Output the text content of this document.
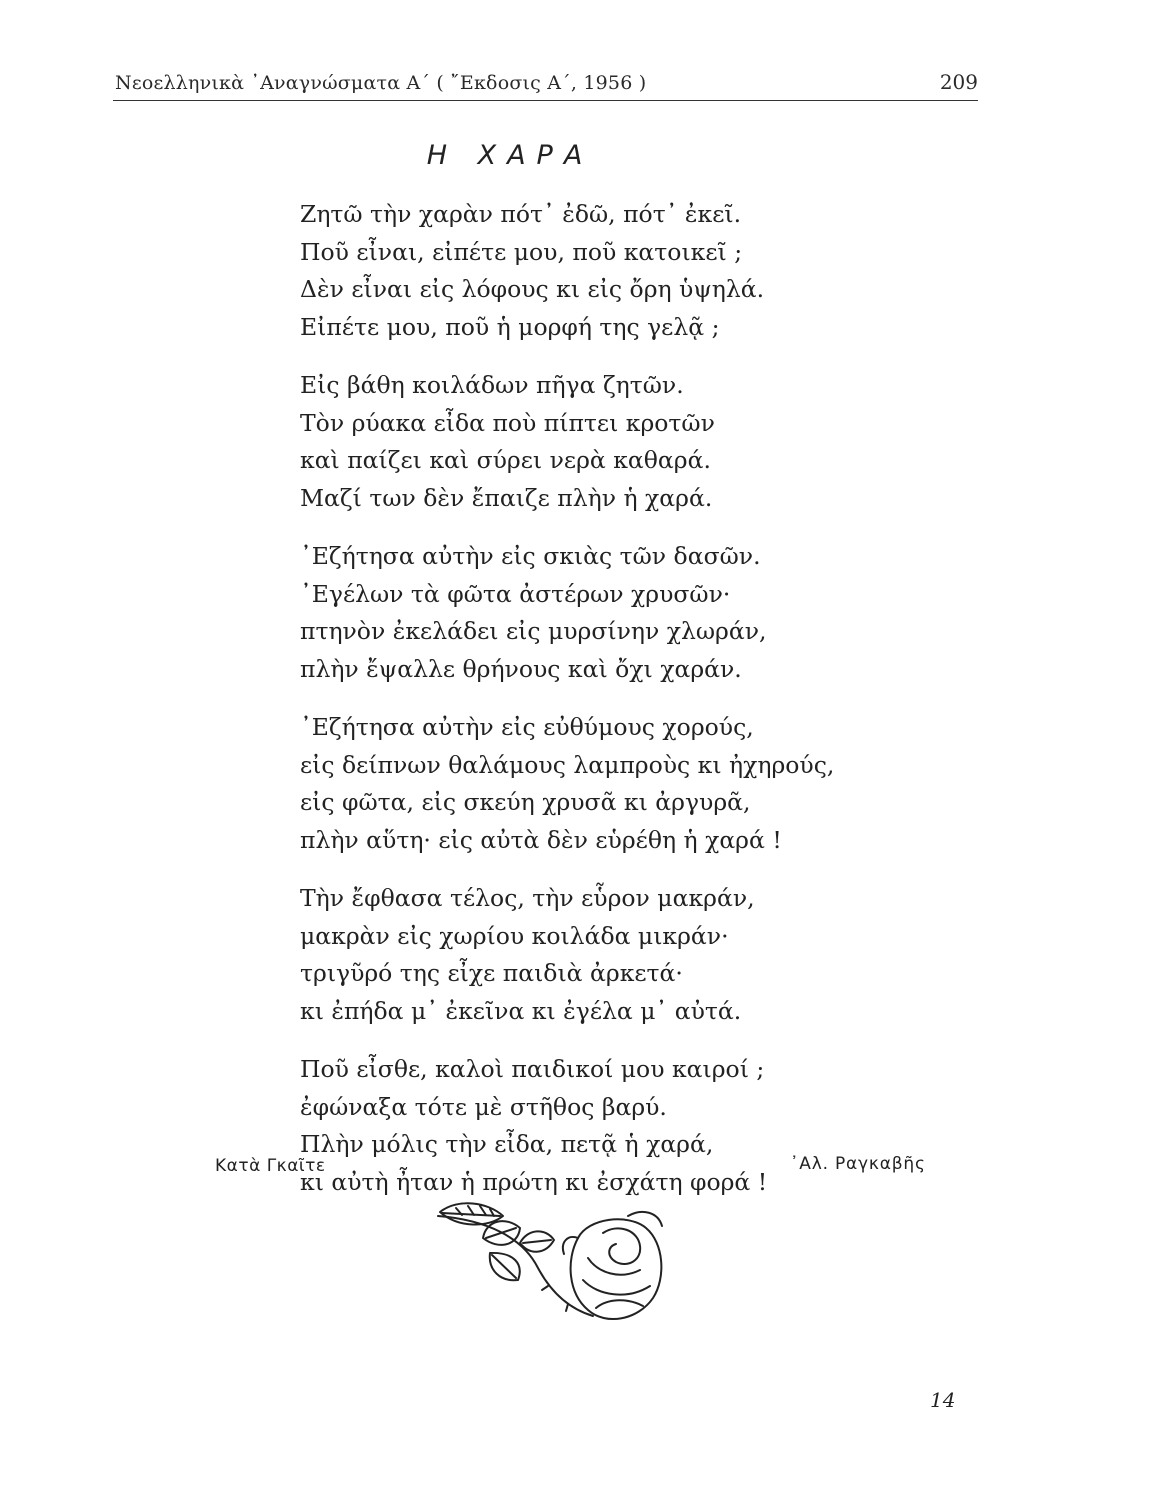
Νεοελληνικὰ ᾿Αναγνώσματα Α΄ ( ῎Εκδοσις Α΄, 1956 )	209
Η ΧΑΡΑ
Ζητῶ τὴν χαρὰν πότ᾿ ἐδῶ, πότ᾿ ἐκεῖ.
Ποῦ εἶναι, εἰπέτε μου, ποῦ κατοικεῖ ;
Δὲν εἶναι εἰς λόφους κι εἰς ὄρη ὑψηλά.
Εἰπέτε μου, ποῦ ἡ μορφή της γελᾷ ;
Εἰς βάθη κοιλάδων πῆγα ζητῶν.
Τὸν ρύακα εἶδα ποὺ πίπτει κροτῶν
καὶ παίζει καὶ σύρει νερὰ καθαρά.
Μαζί των δὲν ἔπαιζε πλὴν ἡ χαρά.
᾿Εζήτησα αὐτὴν εἰς σκιὰς τῶν δασῶν.
᾿Εγέλων τὰ φῶτα ἀστέρων χρυσῶν·
πτηνὸν ἐκελάδει εἰς μυρσίνην χλωράν,
πλὴν ἔψαλλε θρήνους καὶ ὄχι χαράν.
᾿Εζήτησα αὐτὴν εἰς εὐθύμους χορούς,
εἰς δείπνων θαλάμους λαμπροὺς κι ἠχηρούς,
εἰς φῶτα, εἰς σκεύη χρυσᾶ κι ἀργυρᾶ,
πλὴν αὕτη· εἰς αὐτὰ δὲν εὑρέθη ἡ χαρά !
Τὴν ἔφθασα τέλος, τὴν εὗρον μακράν,
μακρὰν εἰς χωρίου κοιλάδα μικράν·
τριγῦρό της εἶχε παιδιὰ ἀρκετά·
κι ἐπήδα μ᾿ ἐκεῖνα κι ἐγέλα μ᾿ αὐτά.
Ποῦ εἶσθε, καλοὶ παιδικοί μου καιροί ;
ἐφώναξα τότε μὲ στῆθος βαρύ.
Πλὴν μόλις τὴν εἶδα, πετᾷ ἡ χαρά,
κι αὐτὴ ἦταν ἡ πρώτη κι ἐσχάτη φορά !
Κατὰ Γκαῖτε	᾿Αλ. Ραγκαβῆς
14
